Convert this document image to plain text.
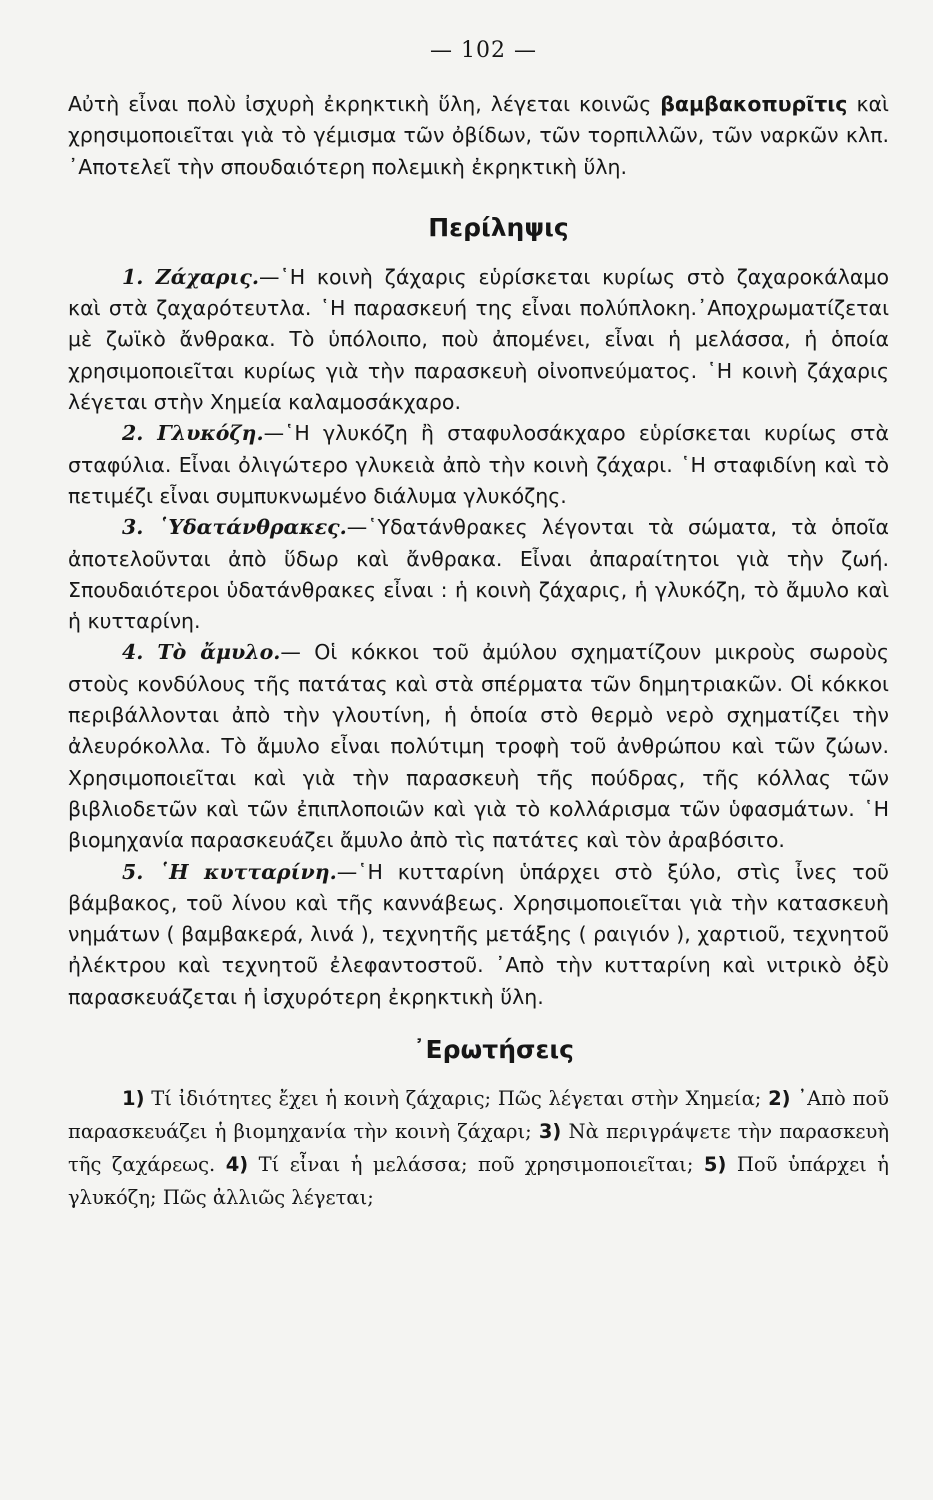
— 102 —

Αὐτὴ εἶναι πολὺ ἰσχυρὴ ἐκρηκτικὴ ὕλη, λέγεται κοινῶς βαμβακοπυρῖτις καὶ χρησιμοποιεῖται γιὰ τὸ γέμισμα τῶν ὀβίδων, τῶν τορπιλλῶν, τῶν ναρκῶν κλπ. ᾿Αποτελεῖ τὴν σπουδαιότερη πολεμικὴ ἐκρηκτικὴ ὕλη.

Περίληψις

1. Ζάχαρις.—῾Η κοινὴ ζάχαρις εὑρίσκεται κυρίως στὸ ζαχαροκάλαμο καὶ στὰ ζαχαρότευτλα. ῾Η παρασκευή της εἶναι πολύπλοκη.᾿Αποχρωματίζεται μὲ ζωϊκὸ ἄνθρακα. Τὸ ὑπόλοιπο, ποὺ ἀπομένει, εἶναι ἡ μελάσσα, ἡ ὁποία χρησιμοποιεῖται κυρίως γιὰ τὴν παρασκευὴ οἰνοπνεύματος. ῾Η κοινὴ ζάχαρις λέγεται στὴν Χημεία καλαμοσάκχαρο.

2. Γλυκόζη.—῾Η γλυκόζη ἢ σταφυλοσάκχαρο εὑρίσκεται κυρίως στὰ σταφύλια. Εἶναι ὀλιγώτερο γλυκειὰ ἀπὸ τὴν κοινὴ ζάχαρι. ῾Η σταφιδίνη καὶ τὸ πετιμέζι εἶναι συμπυκνωμένο διάλυμα γλυκόζης.

3. ῾Υδατάνθρακες.—῾Υδατάνθρακες λέγονται τὰ σώματα, τὰ ὁποῖα ἀποτελοῦνται ἀπὸ ὕδωρ καὶ ἄνθρακα. Εἶναι ἀπαραίτητοι γιὰ τὴν ζωή. Σπουδαιότεροι ὑδατάνθρακες εἶναι : ἡ κοινὴ ζάχαρις, ἡ γλυκόζη, τὸ ἄμυλο καὶ ἡ κυτταρίνη.

4. Τὸ ἄμυλο.— Οἱ κόκκοι τοῦ ἀμύλου σχηματίζουν μικροὺς σωροὺς στοὺς κονδύλους τῆς πατάτας καὶ στὰ σπέρματα τῶν δημητριακῶν. Οἱ κόκκοι περιβάλλονται ἀπὸ τὴν γλουτίνη, ἡ ὁποία στὸ θερμὸ νερὸ σχηματίζει τὴν ἀλευρόκολλα. Τὸ ἄμυλο εἶναι πολύτιμη τροφὴ τοῦ ἀνθρώπου καὶ τῶν ζώων. Χρησιμοποιεῖται καὶ γιὰ τὴν παρασκευὴ τῆς πούδρας, τῆς κόλλας τῶν βιβλιοδετῶν καὶ τῶν ἐπιπλοποιῶν καὶ γιὰ τὸ κολλάρισμα τῶν ὑφασμάτων. ῾Η βιομηχανία παρασκευάζει ἄμυλο ἀπὸ τὶς πατάτες καὶ τὸν ἀραβόσιτο.

5. ῾Η κυτταρίνη.—῾Η κυτταρίνη ὑπάρχει στὸ ξύλο, στὶς ἶνες τοῦ βάμβακος, τοῦ λίνου καὶ τῆς καννάβεως. Χρησιμοποιεῖται γιὰ τὴν κατασκευὴ νημάτων ( βαμβακερά, λινά ), τεχνητῆς μετάξης ( ραιγιόν ), χαρτιοῦ, τεχνητοῦ ἠλέκτρου καὶ τεχνητοῦ ἐλεφαντοστοῦ. ᾿Απὸ τὴν κυτταρίνη καὶ νιτρικὸ ὀξὺ παρασκευάζεται ἡ ἰσχυρότερη ἐκρηκτικὴ ὕλη.

᾿Ερωτήσεις

1) Τί ἰδιότητες ἔχει ἡ κοινὴ ζάχαρις; Πῶς λέγεται στὴν Χημεία; 2) ᾿Απὸ ποῦ παρασκευάζει ἡ βιομηχανία τὴν κοινὴ ζάχαρι; 3) Νὰ περιγράψετε τὴν παρασκευὴ τῆς ζαχάρεως. 4) Τί εἶναι ἡ μελάσσα; ποῦ χρησιμοποιεῖται; 5) Ποῦ ὑπάρχει ἡ γλυκόζη; Πῶς ἀλλιῶς λέγεται;
